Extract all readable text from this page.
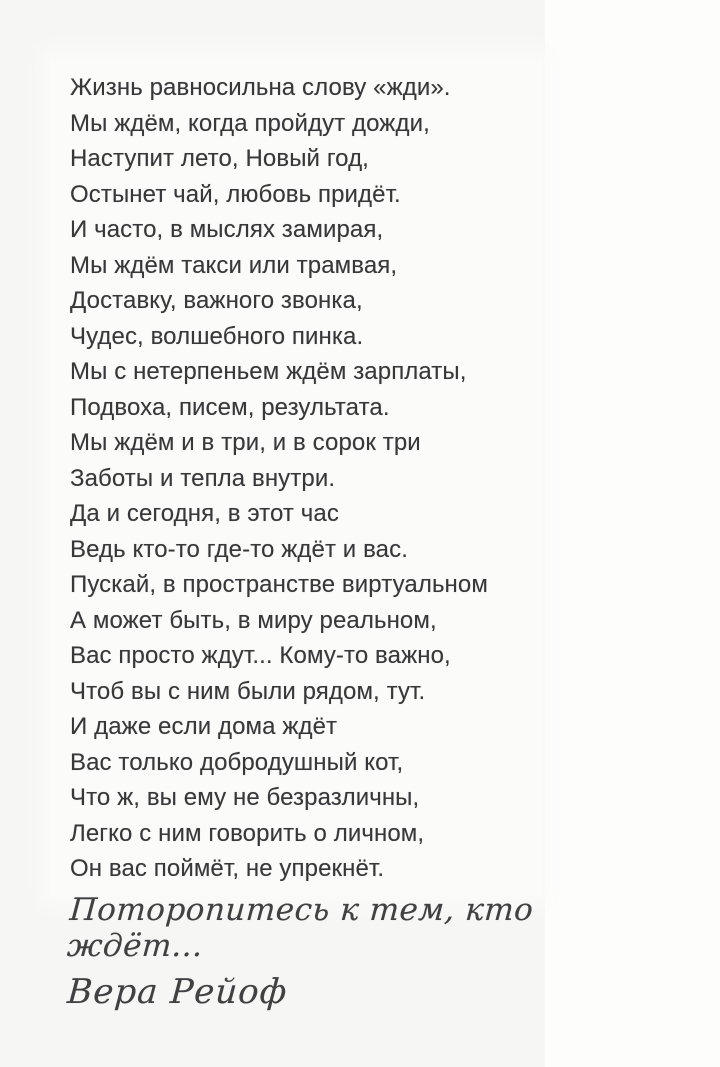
Жизнь равносильна слову «жди».
Мы ждём, когда пройдут дожди,
Наступит лето, Новый год,
Остынет чай, любовь придёт.
И часто, в мыслях замирая,
Мы ждём такси или трамвая,
Доставку, важного звонка,
Чудес, волшебного пинка.
Мы с нетерпеньем ждём зарплаты,
Подвоха, писем, результата.
Мы ждём и в три, и в сорок три
Заботы и тепла внутри.
Да и сегодня, в этот час
Ведь кто-то где-то ждёт и вас.
Пускай, в пространстве виртуальном
А может быть, в миру реальном,
Вас просто ждут... Кому-то важно,
Чтоб вы с ним были рядом, тут.
И даже если дома ждёт
Вас только добродушный кот,
Что ж, вы ему не безразличны,
Легко с ним говорить о личном,
Он вас поймёт, не упрекнёт.
Поторопитесь к тем, кто ждёт...
Вера Рейоф
